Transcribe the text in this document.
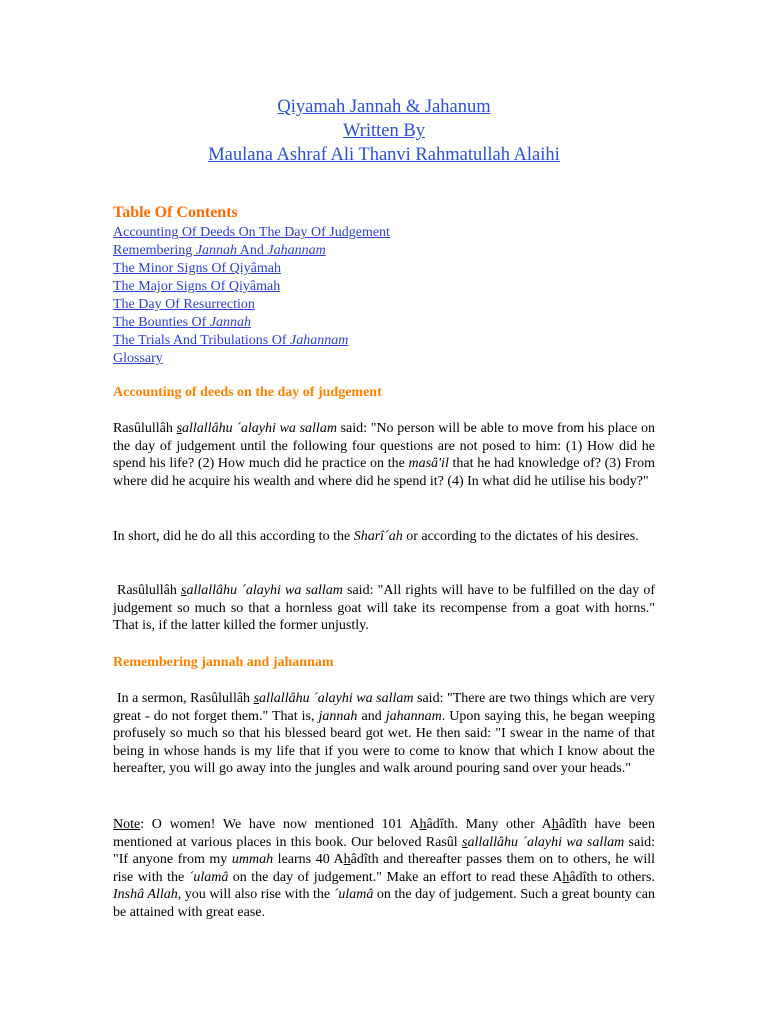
Qiyamah Jannah & Jahanum
Written By
Maulana Ashraf Ali Thanvi Rahmatullah Alaihi
Table Of Contents
Accounting Of Deeds On The Day Of Judgement
Remembering Jannah And Jahannam
The Minor Signs Of Qiyâmah
The Major Signs Of Qiyâmah
The Day Of Resurrection
The Bounties Of Jannah
The Trials And Tribulations Of Jahannam
Glossary
Accounting of deeds on the day of judgement
Rasûlullâh sallallâhu ´alayhi wa sallam said: "No person will be able to move from his place on the day of judgement until the following four questions are not posed to him: (1) How did he spend his life? (2) How much did he practice on the masâ'il that he had knowledge of? (3) From where did he acquire his wealth and where did he spend it? (4) In what did he utilise his body?"
In short, did he do all this according to the Sharî´ah or according to the dictates of his desires.
Rasûlullâh sallallâhu ´alayhi wa sallam said: "All rights will have to be fulfilled on the day of judgement so much so that a hornless goat will take its recompense from a goat with horns." That is, if the latter killed the former unjustly.
Remembering jannah and jahannam
In a sermon, Rasûlullâh sallallâhu ´alayhi wa sallam said: "There are two things which are very great - do not forget them." That is, jannah and jahannam. Upon saying this, he began weeping profusely so much so that his blessed beard got wet. He then said: "I swear in the name of that being in whose hands is my life that if you were to come to know that which I know about the hereafter, you will go away into the jungles and walk around pouring sand over your heads."
Note: O women! We have now mentioned 101 Ahâdîth. Many other Ahâdîth have been mentioned at various places in this book. Our beloved Rasûl sallallâhu ´alayhi wa sallam said: "If anyone from my ummah learns 40 Ahâdîth and thereafter passes them on to others, he will rise with the ´ulamâ on the day of judgement." Make an effort to read these Ahâdîth to others. Inshâ Allah, you will also rise with the ´ulamâ on the day of judgement. Such a great bounty can be attained with great ease.
